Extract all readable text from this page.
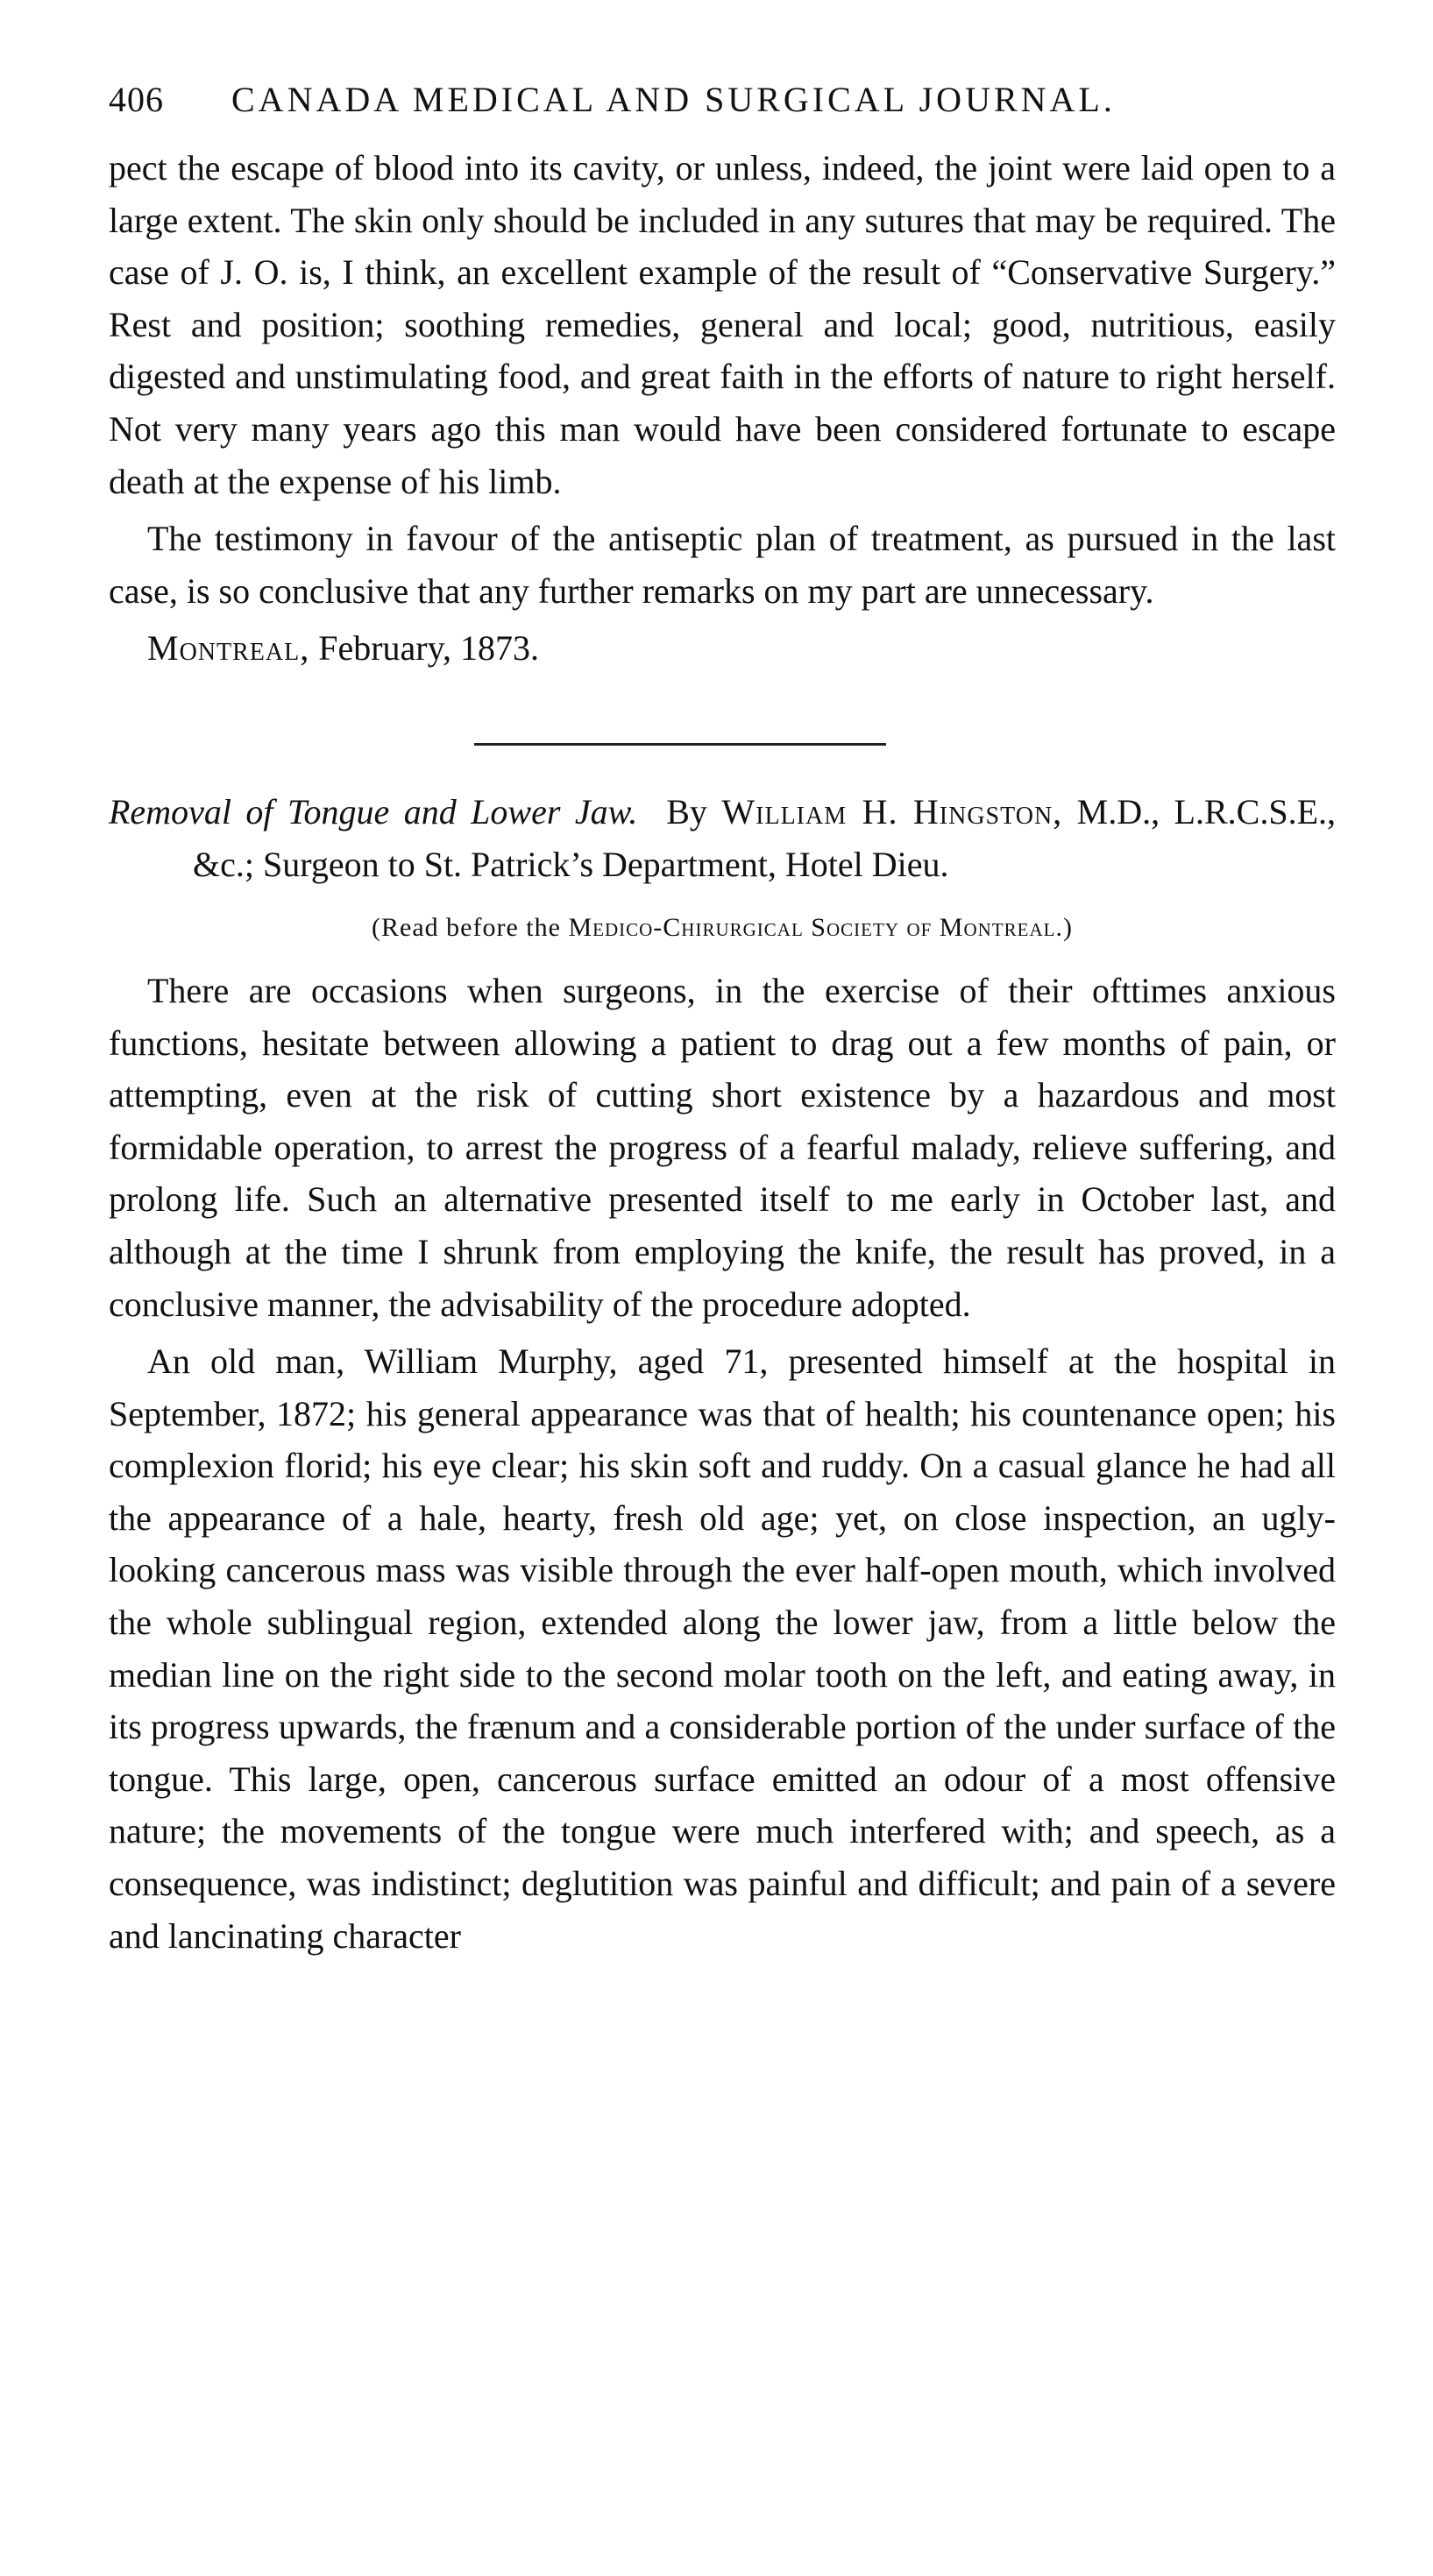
406	CANADA MEDICAL AND SURGICAL JOURNAL.

pect the escape of blood into its cavity, or unless, indeed, the joint were laid open to a large extent. The skin only should be included in any sutures that may be required. The case of J. O. is, I think, an excellent example of the result of “Conservative Surgery.” Rest and position; soothing remedies, general and local; good, nutritious, easily digested and unstimulating food, and great faith in the efforts of nature to right herself. Not very many years ago this man would have been considered fortunate to escape death at the expense of his limb.

The testimony in favour of the antiseptic plan of treatment, as pursued in the last case, is so conclusive that any further remarks on my part are unnecessary.

Montreal, February, 1873.

Removal of Tongue and Lower Jaw. By William H. Hingston, M.D., L.R.C.S.E., &c.; Surgeon to St. Patrick’s Department, Hotel Dieu.

(Read before the Medico-Chirurgical Society of Montreal.)

There are occasions when surgeons, in the exercise of their ofttimes anxious functions, hesitate between allowing a patient to drag out a few months of pain, or attempting, even at the risk of cutting short existence by a hazardous and most formidable operation, to arrest the progress of a fearful malady, relieve suffering, and prolong life. Such an alternative presented itself to me early in October last, and although at the time I shrunk from employing the knife, the result has proved, in a conclusive manner, the advisability of the procedure adopted.

An old man, William Murphy, aged 71, presented himself at the hospital in September, 1872; his general appearance was that of health; his countenance open; his complexion florid; his eye clear; his skin soft and ruddy. On a casual glance he had all the appearance of a hale, hearty, fresh old age; yet, on close inspection, an ugly-looking cancerous mass was visible through the ever half-open mouth, which involved the whole sublingual region, extended along the lower jaw, from a little below the median line on the right side to the second molar tooth on the left, and eating away, in its progress upwards, the frænum and a considerable portion of the under surface of the tongue. This large, open, cancerous surface emitted an odour of a most offensive nature; the movements of the tongue were much interfered with; and speech, as a consequence, was indistinct; deglutition was painful and difficult; and pain of a severe and lancinating character
